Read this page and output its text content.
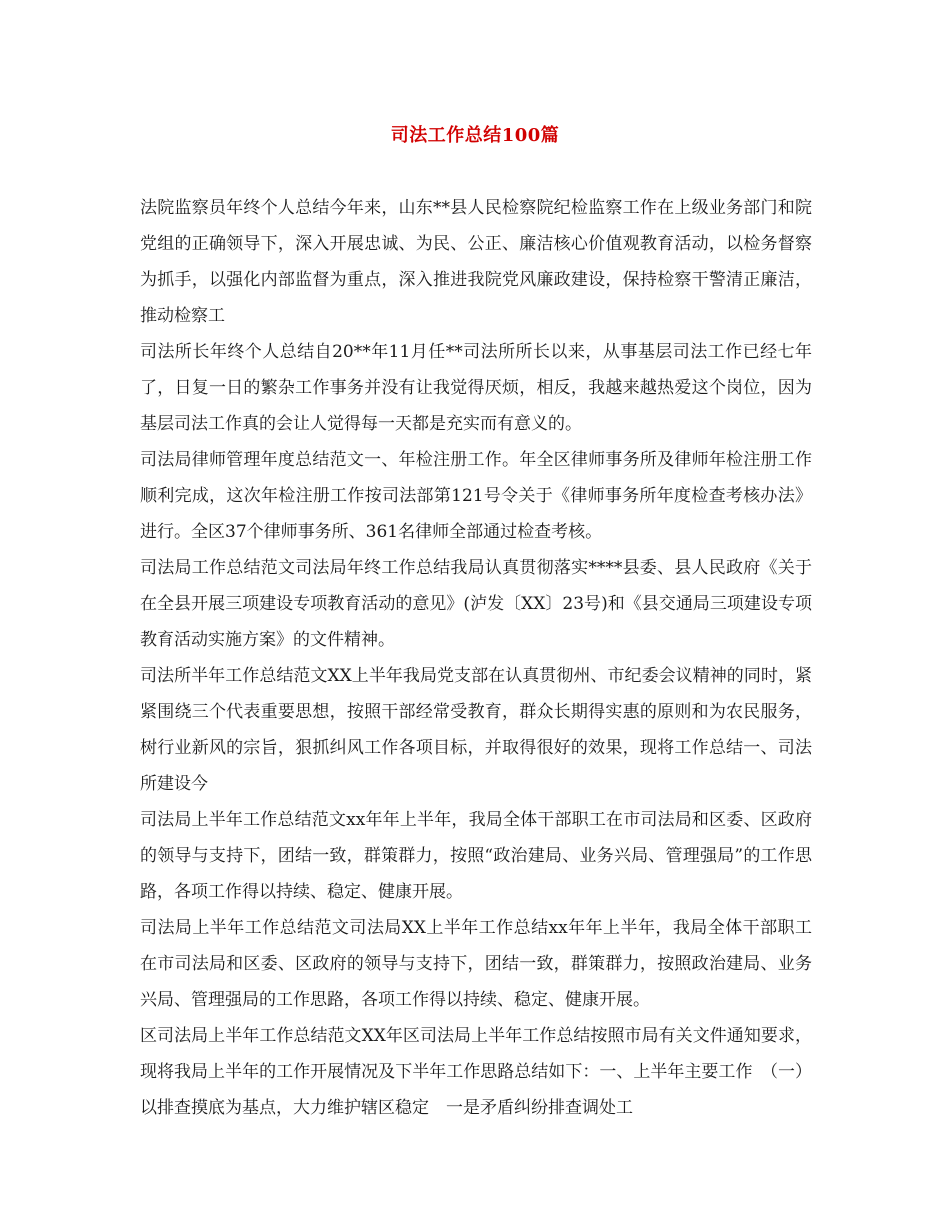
司法工作总结100篇

法院监察员年终个人总结今年来，山东**县人民检察院纪检监察工作在上级业务部门和院党组的正确领导下，深入开展忠诚、为民、公正、廉洁核心价值观教育活动，以检务督察为抓手，以强化内部监督为重点，深入推进我院党风廉政建设，保持检察干警清正廉洁，推动检察工

司法所长年终个人总结自20**年11月任**司法所所长以来，从事基层司法工作已经七年了，日复一日的繁杂工作事务并没有让我觉得厌烦，相反，我越来越热爱这个岗位，因为基层司法工作真的会让人觉得每一天都是充实而有意义的。

司法局律师管理年度总结范文一、年检注册工作。年全区律师事务所及律师年检注册工作顺利完成，这次年检注册工作按司法部第121号令关于《律师事务所年度检查考核办法》进行。全区37个律师事务所、361名律师全部通过检查考核。

司法局工作总结范文司法局年终工作总结我局认真贯彻落实****县委、县人民政府《关于在全县开展三项建设专项教育活动的意见》(泸发〔XX〕23号)和《县交通局三项建设专项教育活动实施方案》的文件精神。

司法所半年工作总结范文XX上半年我局党支部在认真贯彻州、市纪委会议精神的同时，紧紧围绕三个代表重要思想，按照干部经常受教育，群众长期得实惠的原则和为农民服务，树行业新风的宗旨，狠抓纠风工作各项目标，并取得很好的效果，现将工作总结一、司法所建设今

司法局上半年工作总结范文xx年年上半年，我局全体干部职工在市司法局和区委、区政府的领导与支持下，团结一致，群策群力，按照“政治建局、业务兴局、管理强局”的工作思路，各项工作得以持续、稳定、健康开展。

司法局上半年工作总结范文司法局XX上半年工作总结xx年年上半年，我局全体干部职工在市司法局和区委、区政府的领导与支持下，团结一致，群策群力，按照政治建局、业务兴局、管理强局的工作思路，各项工作得以持续、稳定、健康开展。

区司法局上半年工作总结范文XX年区司法局上半年工作总结按照市局有关文件通知要求，现将我局上半年的工作开展情况及下半年工作思路总结如下：一、上半年主要工作　（一）以排查摸底为基点，大力维护辖区稳定　一是矛盾纠纷排查调处工
